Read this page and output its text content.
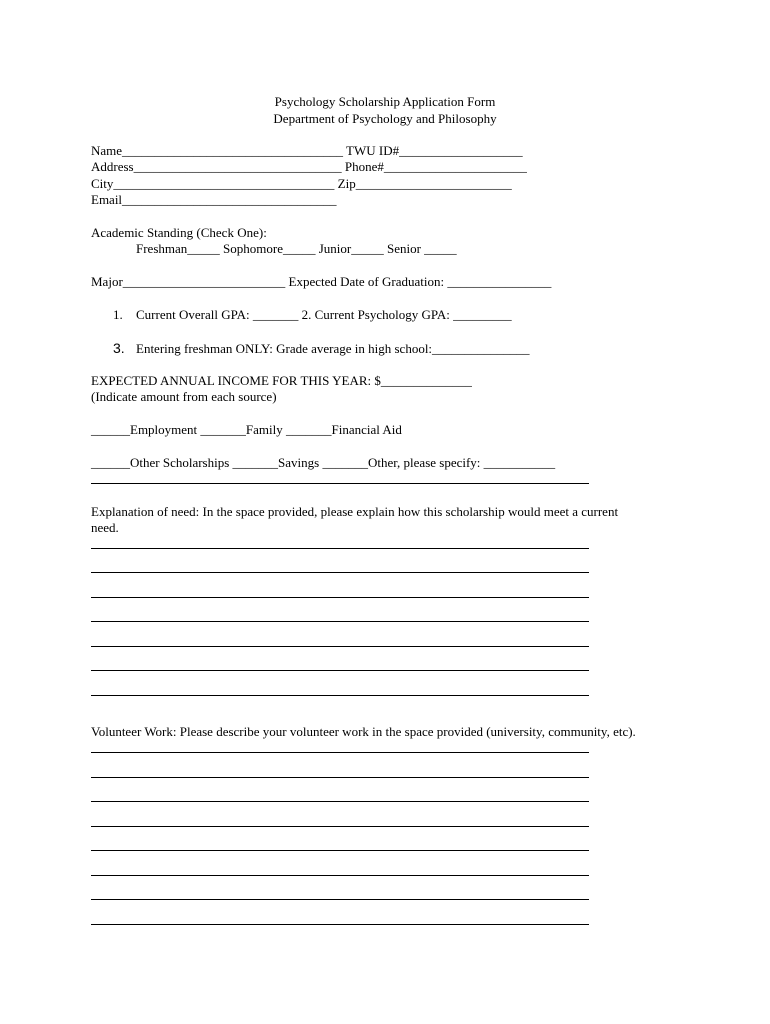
Psychology Scholarship Application Form
Department of Psychology and Philosophy
Name__________________________________ TWU ID#___________________
Address________________________________ Phone#______________________
City__________________________________ Zip________________________
Email_________________________________
Academic Standing (Check One):
Freshman_____ Sophomore_____ Junior_____ Senior _____
Major_________________________ Expected Date of Graduation: ________________
1. Current Overall GPA: _______ 2. Current Psychology GPA: _________
3. Entering freshman ONLY: Grade average in high school:_______________
EXPECTED ANNUAL INCOME FOR THIS YEAR: $______________
(Indicate amount from each source)
______Employment _______Family _______Financial Aid
______Other Scholarships _______Savings _______Other, please specify: ___________
Explanation of need: In the space provided, please explain how this scholarship would meet a current
need.
Volunteer Work: Please describe your volunteer work in the space provided (university, community, etc).
